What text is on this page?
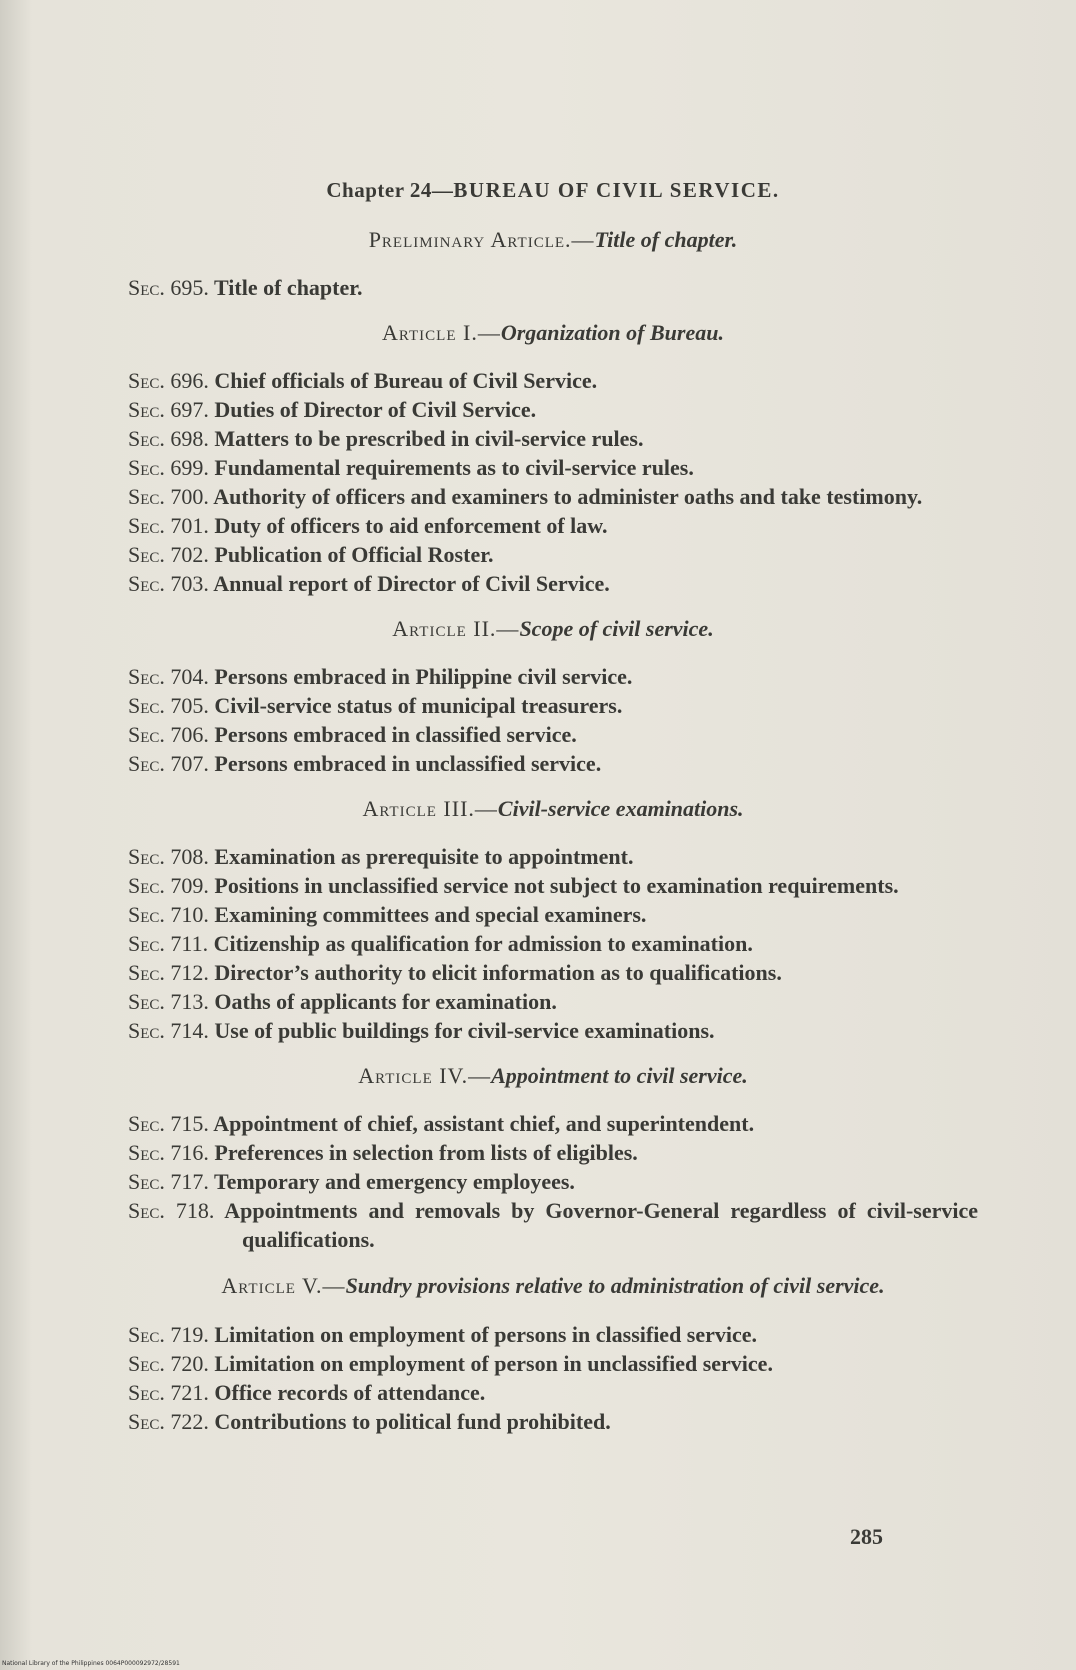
Chapter 24—BUREAU OF CIVIL SERVICE.

Preliminary Article.—Title of chapter.

Sec. 695. Title of chapter.

Article I.—Organization of Bureau.

Sec. 696. Chief officials of Bureau of Civil Service.
Sec. 697. Duties of Director of Civil Service.
Sec. 698. Matters to be prescribed in civil-service rules.
Sec. 699. Fundamental requirements as to civil-service rules.
Sec. 700. Authority of officers and examiners to administer oaths and take testimony.
Sec. 701. Duty of officers to aid enforcement of law.
Sec. 702. Publication of Official Roster.
Sec. 703. Annual report of Director of Civil Service.

Article II.—Scope of civil service.

Sec. 704. Persons embraced in Philippine civil service.
Sec. 705. Civil-service status of municipal treasurers.
Sec. 706. Persons embraced in classified service.
Sec. 707. Persons embraced in unclassified service.

Article III.—Civil-service examinations.

Sec. 708. Examination as prerequisite to appointment.
Sec. 709. Positions in unclassified service not subject to examination requirements.
Sec. 710. Examining committees and special examiners.
Sec. 711. Citizenship as qualification for admission to examination.
Sec. 712. Director’s authority to elicit information as to qualifications.
Sec. 713. Oaths of applicants for examination.
Sec. 714. Use of public buildings for civil-service examinations.

Article IV.—Appointment to civil service.

Sec. 715. Appointment of chief, assistant chief, and superintendent.
Sec. 716. Preferences in selection from lists of eligibles.
Sec. 717. Temporary and emergency employees.
Sec. 718. Appointments and removals by Governor-General regardless of civil-service qualifications.

Article V.—Sundry provisions relative to administration of civil service.

Sec. 719. Limitation on employment of persons in classified service.
Sec. 720. Limitation on employment of person in unclassified service.
Sec. 721. Office records of attendance.
Sec. 722. Contributions to political fund prohibited.
285
National Library of the Philippines 0064P000092972/28591
